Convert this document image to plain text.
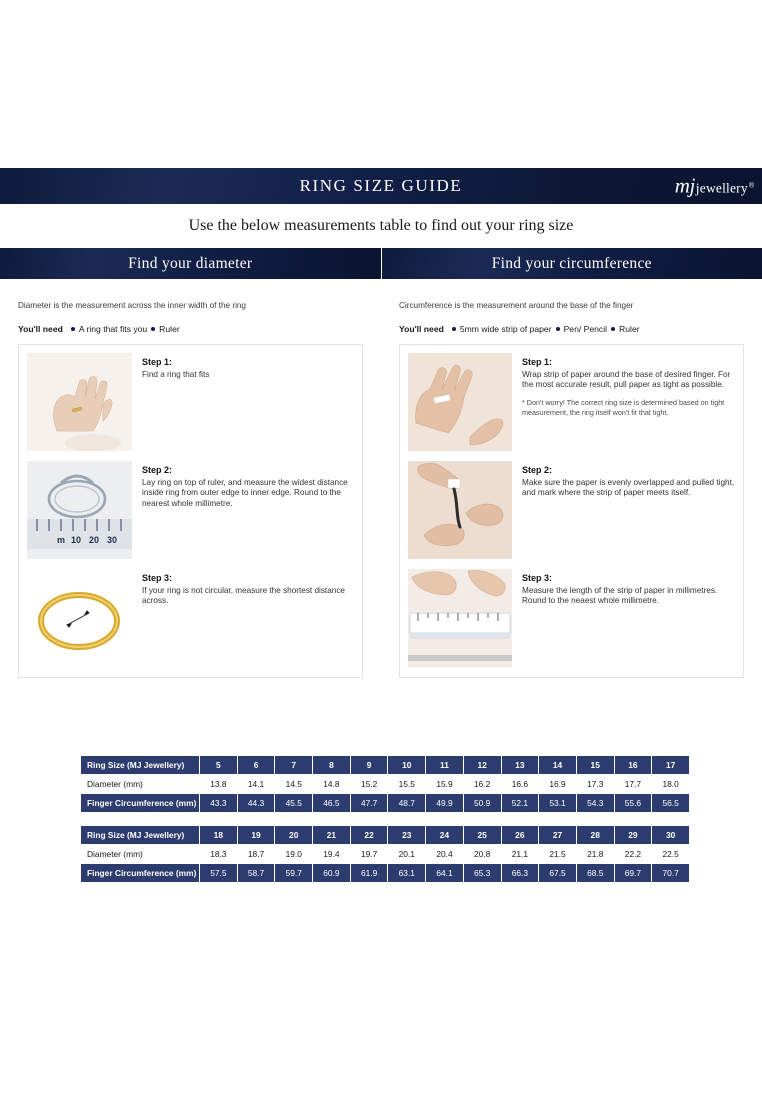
RING SIZE GUIDE	mj jewellery ®
Use the below measurements table to find out your ring size
Find your diameter	Find your circumference

Diameter is the measurement across the inner width of the ring

You'll need A ring that fits you Ruler
Step 1:
Find a ring that fits
m 10 20 30
Step 2:
Lay ring on top of ruler, and measure the widest distance inside ring from outer edge to inner edge. Round to the nearest whole millimetre.
Step 3:
If your ring is not circular, measure the shortest distance across.

Circumference is the measurement around the base of the finger

You'll need 5mm wide strip of paper Pen/ Pencil Ruler
Step 1:
Wrap strip of paper around the base of desired finger. For the most accurate result, pull paper as tight as possible.
* Don't worry! The correct ring size is determined based on tight measurement, the ring itself won't fit that tight.
Step 2:
Make sure the paper is evenly overlapped and pulled tight, and mark where the strip of paper meets itself.
Step 3:
Measure the length of the strip of paper in millimetres. Round to the neaest whole millimetre.
Ring Size (MJ Jewellery)	5	6	7	8	9	10	11	12	13	14	15	16	17
Diameter (mm)	13.8	14.1	14.5	14.8	15.2	15.5	15.9	16.2	16.6	16.9	17.3	17.7	18.0
Finger Circumference (mm)	43.3	44.3	45.5	46.5	47.7	48.7	49.9	50.9	52.1	53.1	54.3	55.6	56.5
Ring Size (MJ Jewellery)	18	19	20	21	22	23	24	25	26	27	28	29	30
Diameter (mm)	18.3	18.7	19.0	19.4	19.7	20.1	20.4	20.8	21.1	21.5	21.8	22.2	22.5
Finger Circumference (mm)	57.5	58.7	59.7	60.9	61.9	63.1	64.1	65.3	66.3	67.5	68.5	69.7	70.7
